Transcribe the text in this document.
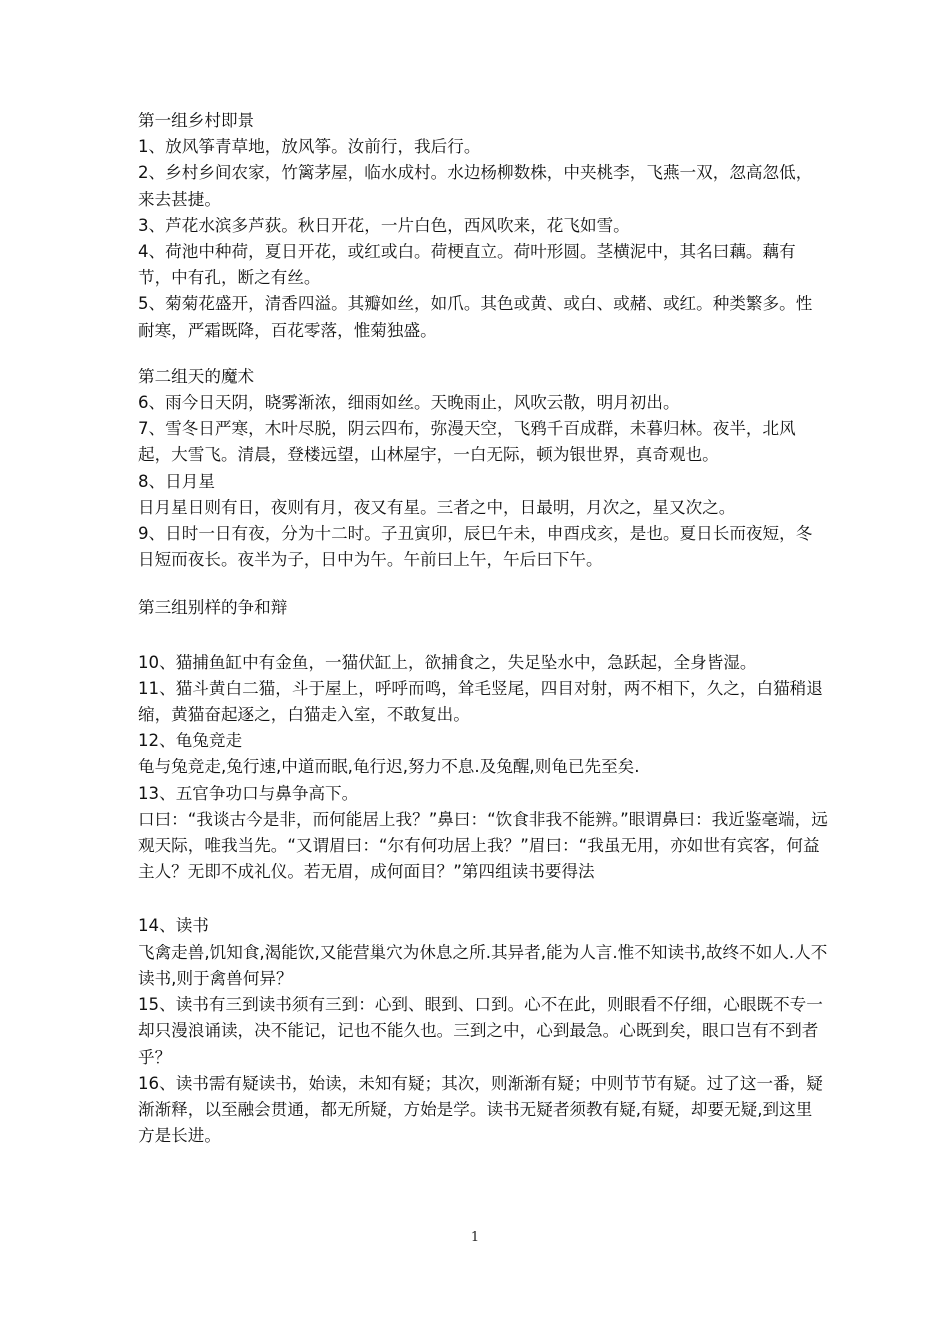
第一组乡村即景

1、放风筝青草地，放风筝。汝前行，我后行。

2、乡村乡间农家，竹篱茅屋，临水成村。水边杨柳数株，中夹桃李，飞燕一双，忽高忽低，来去甚捷。

3、芦花水滨多芦荻。秋日开花，一片白色，西风吹来，花飞如雪。

4、荷池中种荷，夏日开花，或红或白。荷梗直立。荷叶形圆。茎横泥中，其名曰藕。藕有节，中有孔，断之有丝。

5、菊菊花盛开，清香四溢。其瓣如丝，如爪。其色或黄、或白、或赭、或红。种类繁多。性耐寒，严霜既降，百花零落，惟菊独盛。

第二组天的魔术

6、雨今日天阴，晓雾渐浓，细雨如丝。天晚雨止，风吹云散，明月初出。

7、雪冬日严寒，木叶尽脱，阴云四布，弥漫天空，飞鸦千百成群，未暮归林。夜半，北风起，大雪飞。清晨，登楼远望，山林屋宇，一白无际，顿为银世界，真奇观也。

8、日月星

日月星日则有日，夜则有月，夜又有星。三者之中，日最明，月次之，星又次之。

9、日时一日有夜，分为十二时。子丑寅卯，辰巳午未，申酉戌亥，是也。夏日长而夜短，冬日短而夜长。夜半为子，日中为午。午前曰上午，午后曰下午。

第三组别样的争和辩

10、猫捕鱼缸中有金鱼，一猫伏缸上，欲捕食之，失足坠水中，急跃起，全身皆湿。

11、猫斗黄白二猫，斗于屋上，呼呼而鸣，耸毛竖尾，四目对射，两不相下，久之，白猫稍退缩，黄猫奋起逐之，白猫走入室，不敢复出。

12、龟兔竞走

龟与兔竞走,兔行速,中道而眠,龟行迟,努力不息.及兔醒,则龟已先至矣.

13、五官争功口与鼻争高下。

口曰：“我谈古今是非，而何能居上我？”鼻曰：“饮食非我不能辨。”眼谓鼻曰：我近鉴毫端，远观天际，唯我当先。“又谓眉曰：“尔有何功居上我？”眉曰：“我虽无用，亦如世有宾客，何益主人？无即不成礼仪。若无眉，成何面目？”第四组读书要得法

14、读书

飞禽走兽,饥知食,渴能饮,又能营巢穴为休息之所.其异者,能为人言.惟不知读书,故终不如人.人不读书,则于禽兽何异？

15、读书有三到读书须有三到：心到、眼到、口到。心不在此，则眼看不仔细，心眼既不专一却只漫浪诵读，决不能记，记也不能久也。三到之中，心到最急。心既到矣，眼口岂有不到者乎？

16、读书需有疑读书，始读，未知有疑；其次，则渐渐有疑；中则节节有疑。过了这一番，疑渐渐释，以至融会贯通，都无所疑，方始是学。读书无疑者须教有疑,有疑，却要无疑,到这里方是长进。

1
